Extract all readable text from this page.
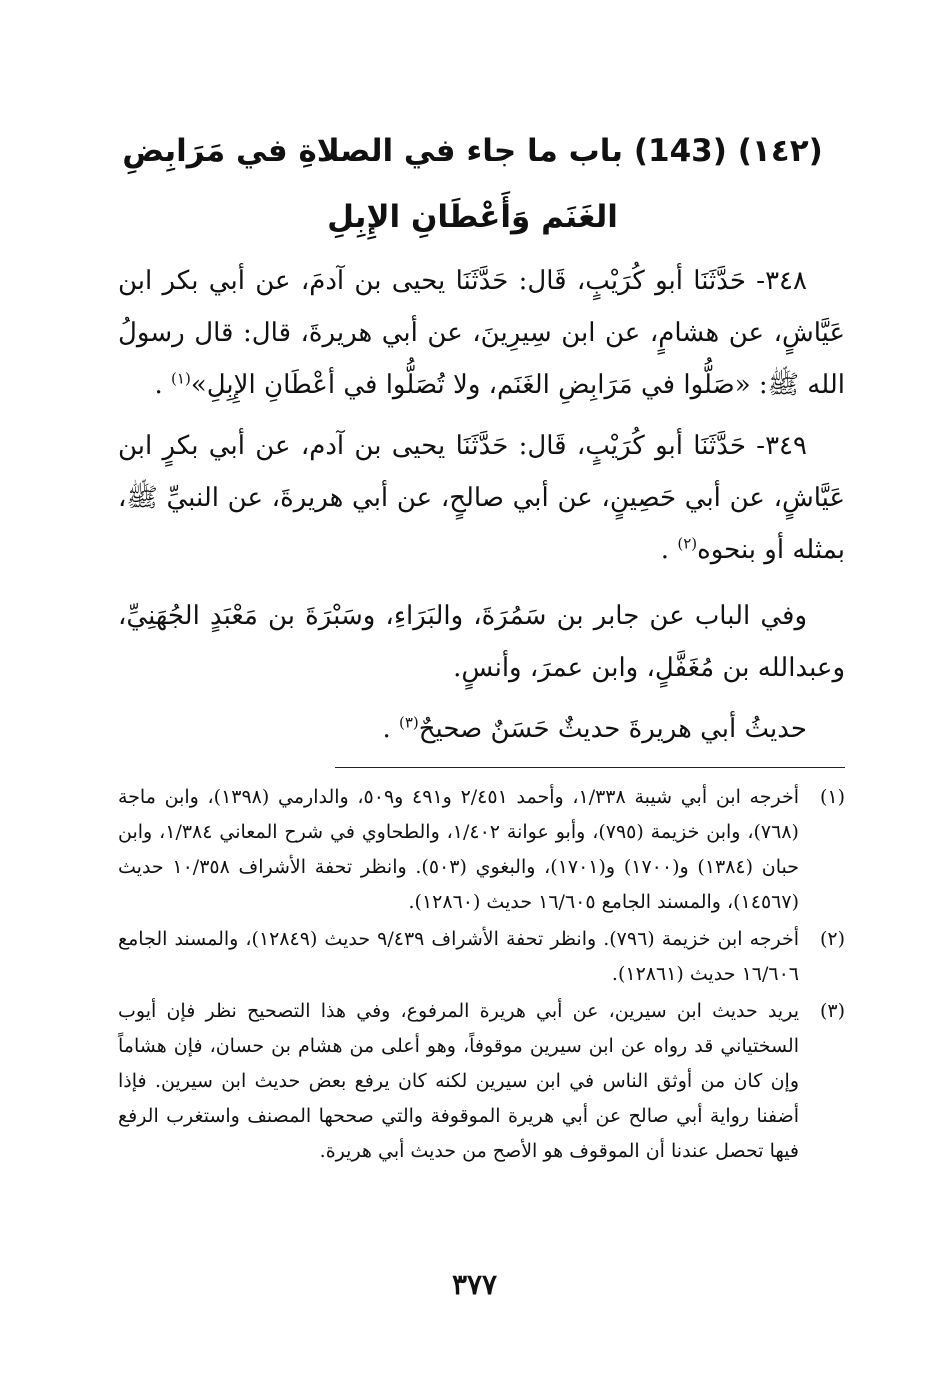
(١٤٢) (143) باب ما جاء في الصلاةِ في مَرَابِضِ الغَنَم وَأَعْطَانِ الإِبِلِ

٣٤٨- حَدَّثَنَا أبو كُرَيْبٍ، قَال: حَدَّثَنَا يحيى بن آدمَ، عن أبي بكر ابن عَيَّاشٍ، عن هشامٍ، عن ابن سِيرِينَ، عن أبي هريرةَ، قال: قال رسولُ الله ﷺ: «صَلُّوا في مَرَابِضِ الغَنَم، ولا تُصَلُّوا في أعْطَانِ الإِبِلِ»$^{(١)}$ .

٣٤٩- حَدَّثَنَا أبو كُرَيْبٍ، قَال: حَدَّثَنَا يحيى بن آدم، عن أبي بكرٍ ابن عَيَّاشٍ، عن أبي حَصِينٍ، عن أبي صالحٍ، عن أبي هريرةَ، عن النبيِّ ﷺ، بمثله أو بنحوه$^{(٢)}$ .

وفي الباب عن جابر بن سَمُرَةَ، والبَرَاءِ، وسَبْرَةَ بن مَعْبَدٍ الجُهَنِيِّ، وعبدالله بن مُغَفَّلٍ، وابن عمرَ، وأنسٍ.

حديثُ أبي هريرةَ حديثٌ حَسَنٌ صحيحٌ$^{(٣)}$ .

(١)
أخرجه ابن أبي شيبة ١/٣٣٨، وأحمد ٢/٤٥١ و٤٩١ و٥٠٩، والدارمي (١٣٩٨)، وابن ماجة (٧٦٨)، وابن خزيمة (٧٩٥)، وأبو عوانة ١/٤٠٢، والطحاوي في شرح المعاني ١/٣٨٤، وابن حبان (١٣٨٤) و(١٧٠٠) و(١٧٠١)، والبغوي (٥٠٣). وانظر تحفة الأشراف ١٠/٣٥٨ حديث (١٤٥٦٧)، والمسند الجامع ١٦/٦٠٥ حديث (١٢٨٦٠).
(٢)
أخرجه ابن خزيمة (٧٩٦). وانظر تحفة الأشراف ٩/٤٣٩ حديث (١٢٨٤٩)، والمسند الجامع ١٦/٦٠٦ حديث (١٢٨٦١).
(٣)
يريد حديث ابن سيرين، عن أبي هريرة المرفوع، وفي هذا التصحيح نظر فإن أيوب السختياني قد رواه عن ابن سيرين موقوفاً، وهو أعلى من هشام بن حسان، فإن هشاماً وإن كان من أوثق الناس في ابن سيرين لكنه كان يرفع بعض حديث ابن سيرين. فإذا أضفنا رواية أبي صالح عن أبي هريرة الموقوفة والتي صححها المصنف واستغرب الرفع فيها تحصل عندنا أن الموقوف هو الأصح من حديث أبي هريرة.
٣٧٧
